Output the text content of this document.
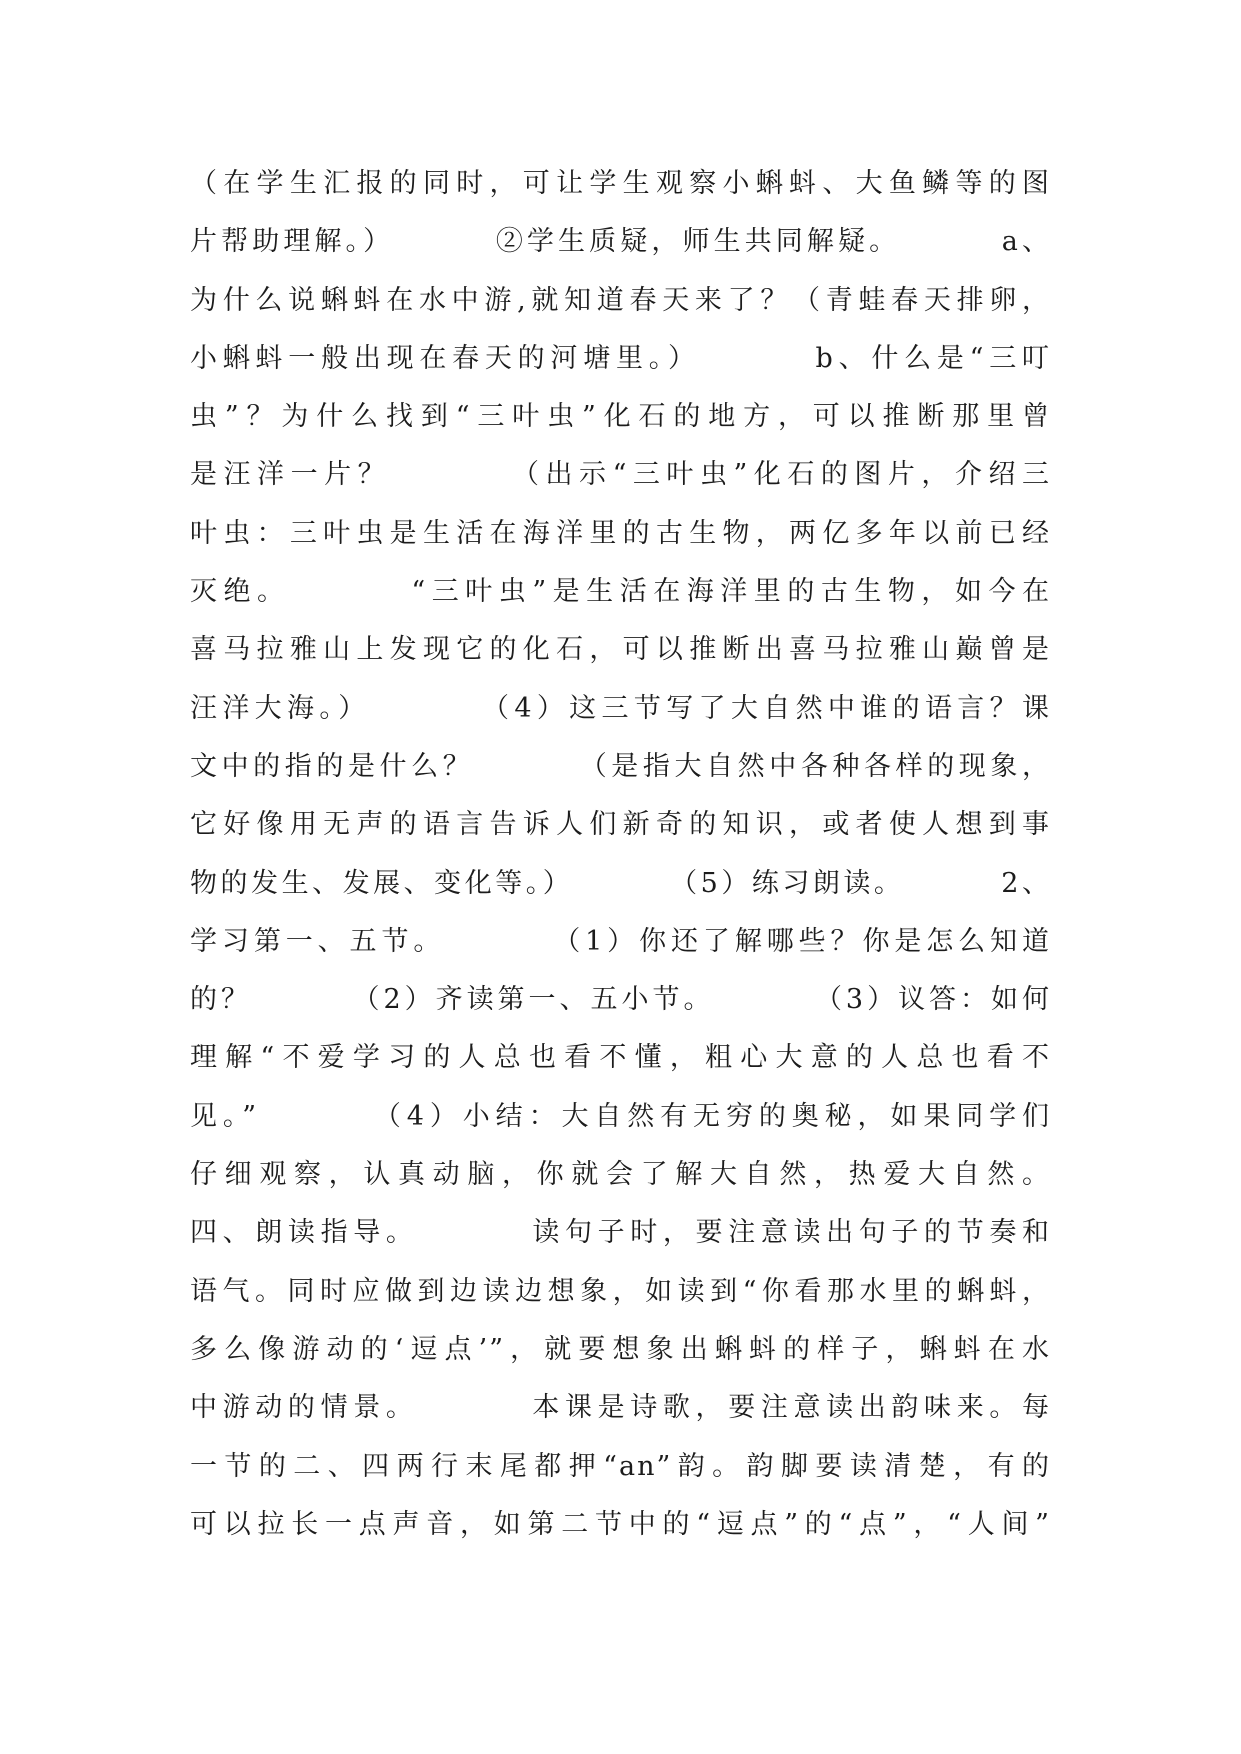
（在学生汇报的同时，可让学生观察小蝌蚪、大鱼鳞等的图
片帮助理解。）        ②学生质疑，师生共同解疑。        a、
为什么说蝌蚪在水中游,就知道春天来了？（青蛙春天排卵，
小蝌蚪一般出现在春天的河塘里。）        b、什么是“三叮
虫”？为什么找到“三叶虫”化石的地方，可以推断那里曾
是汪洋一片？        （出示“三叶虫”化石的图片，介绍三
叶虫：三叶虫是生活在海洋里的古生物，两亿多年以前已经
灭绝。        “三叶虫”是生活在海洋里的古生物，如今在
喜马拉雅山上发现它的化石，可以推断出喜马拉雅山巅曾是
汪洋大海。）        （4）这三节写了大自然中谁的语言？课
文中的指的是什么？        （是指大自然中各种各样的现象，
它好像用无声的语言告诉人们新奇的知识，或者使人想到事
物的发生、发展、变化等。）        （5）练习朗读。        2、
学习第一、五节。        （1）你还了解哪些？你是怎么知道
的？        （2）齐读第一、五小节。        （3）议答：如何
理解“不爱学习的人总也看不懂，粗心大意的人总也看不
见。”        （4）小结：大自然有无穷的奥秘，如果同学们
仔细观察，认真动脑，你就会了解大自然，热爱大自然。
四、朗读指导。        读句子时，要注意读出句子的节奏和
语气。同时应做到边读边想象，如读到“你看那水里的蝌蚪，
多么像游动的‘逗点’”，就要想象出蝌蚪的样子，蝌蚪在水
中游动的情景。        本课是诗歌，要注意读出韵味来。每
一节的二、四两行末尾都押“an”韵。韵脚要读清楚，有的
可以拉长一点声音，如第二节中的“逗点”的“点”，“人间”
